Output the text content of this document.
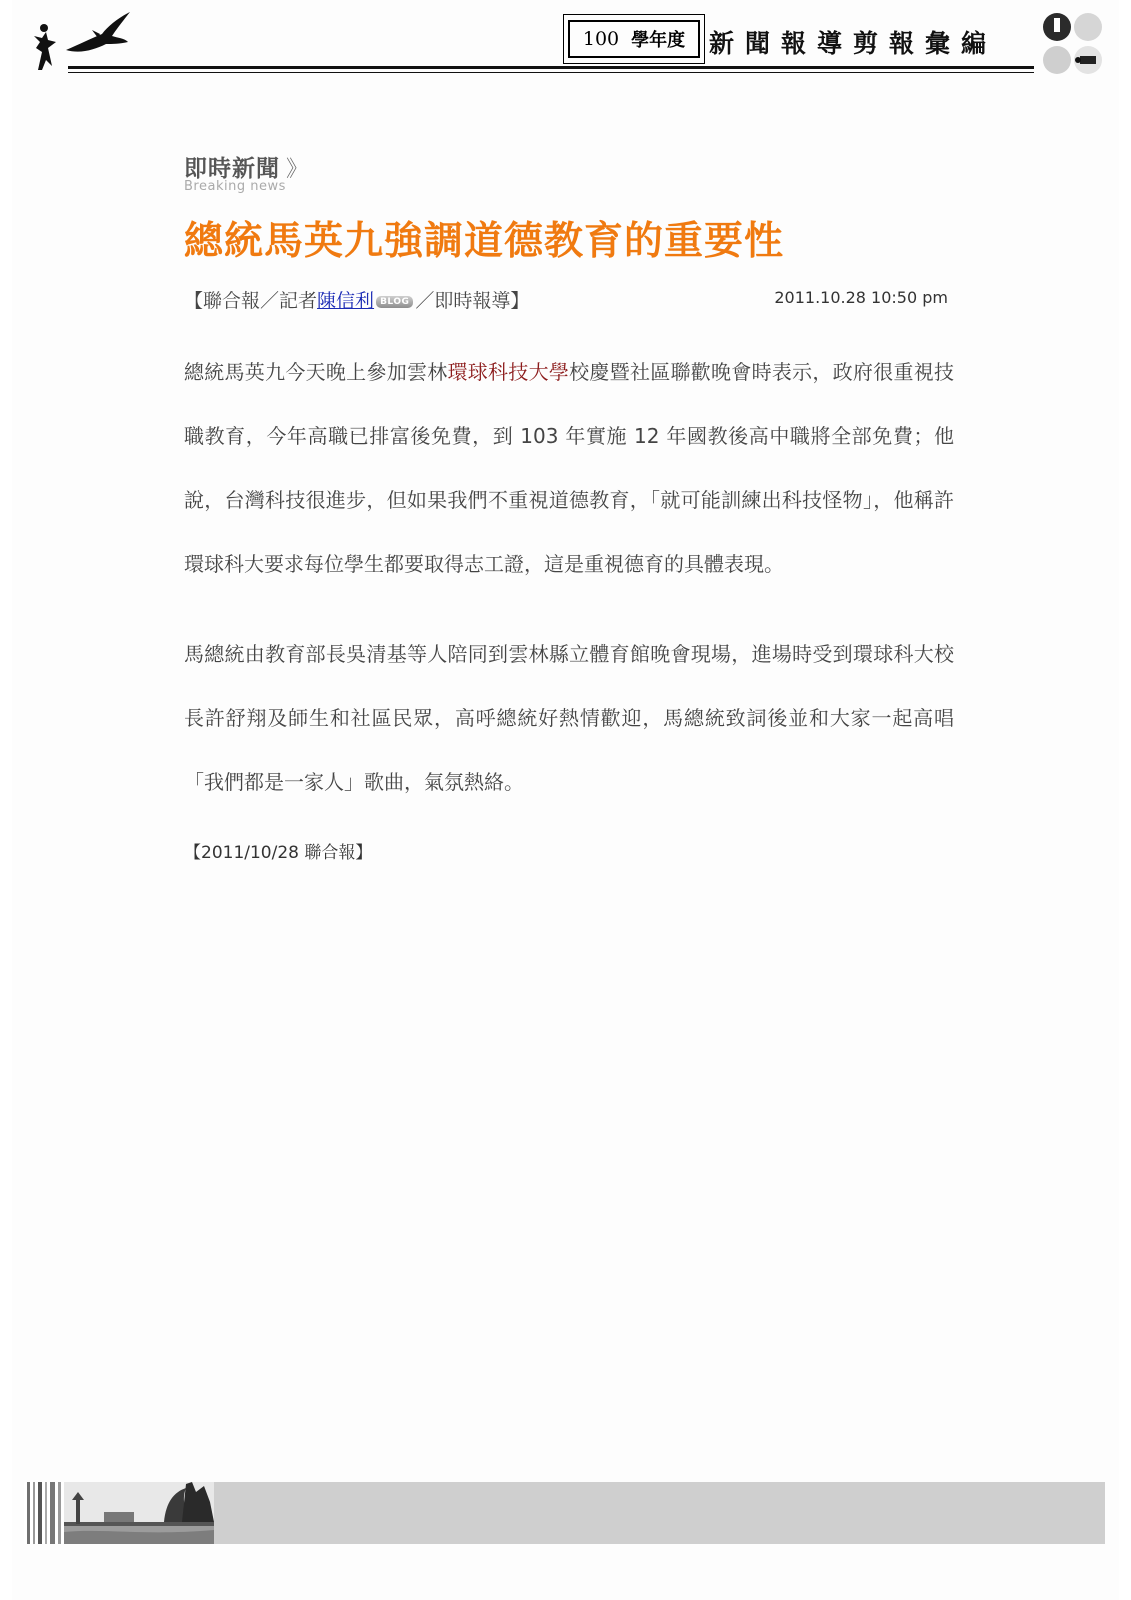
100 學年度 新聞報導剪報彙編
即時新聞 》
Breaking news
總統馬英九強調道德教育的重要性
【聯合報／記者陳信利 BLOG ／即時報導】	2011.10.28 10:50 pm
總統馬英九今天晚上參加雲林環球科技大學校慶暨社區聯歡晚會時表示，政府很重視技職教育，今年高職已排富後免費，到 103 年實施 12 年國教後高中職將全部免費；他說，台灣科技很進步，但如果我們不重視道德教育，「就可能訓練出科技怪物」，他稱許環球科大要求每位學生都要取得志工證，這是重視德育的具體表現。
馬總統由教育部長吳清基等人陪同到雲林縣立體育館晚會現場，進場時受到環球科大校長許舒翔及師生和社區民眾，高呼總統好熱情歡迎，馬總統致詞後並和大家一起高唱「我們都是一家人」歌曲，氣氛熱絡。
【2011/10/28 聯合報】
